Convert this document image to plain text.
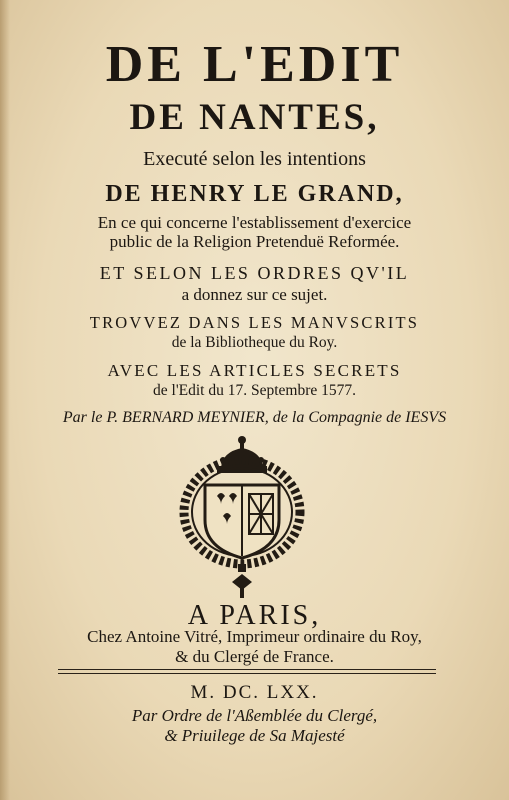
DE L'EDIT
DE NANTES,
Executé selon les intentions
DE HENRY LE GRAND,
En ce qui concerne l'establissement d'exercice
public de la Religion Pretenduë Reformée.
ET SELON LES ORDRES QV'IL
a donnez sur ce sujet.
TROVVEZ DANS LES MANVSCRITS
de la Bibliotheque du Roy.
AVEC LES ARTICLES SECRETS
de l'Edit du 17. Septembre 1577.
Par le P. BERNARD MEYNIER, de la Compagnie de IESVS
A PARIS,
Chez Antoine Vitré, Imprimeur ordinaire du Roy,
& du Clergé de France.
M. DC. LXX.
Par Ordre de l'Aßemblée du Clergé,
& Priuilege de Sa Majesté
